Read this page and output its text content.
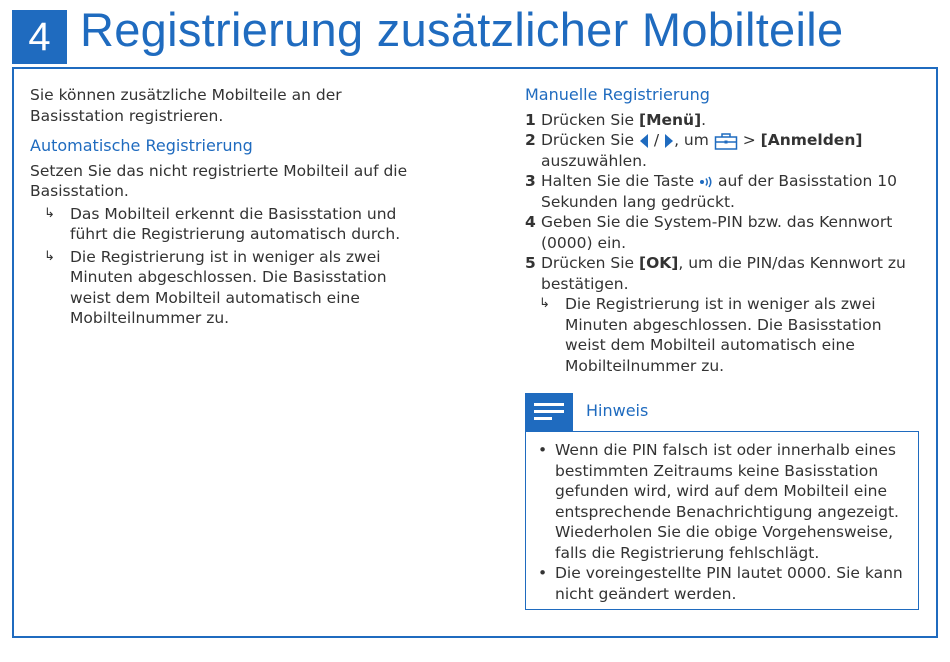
4 Registrierung zusätzlicher Mobilteile

Sie können zusätzliche Mobilteile an der Basisstation registrieren.

Automatische Registrierung

Setzen Sie das nicht registrierte Mobilteil auf die Basisstation.

↳ Das Mobilteil erkennt die Basisstation und führt die Registrierung automatisch durch.
↳ Die Registrierung ist in weniger als zwei Minuten abgeschlossen. Die Basisstation weist dem Mobilteil automatisch eine Mobilteilnummer zu.
Manuelle Registrierung
1 Drücken Sie [Menü].
2 Drücken Sie  / , um  > [Anmelden] auszuwählen.
3 Halten Sie die Taste  auf der Basisstation 10 Sekunden lang gedrückt.
4 Geben Sie die System-PIN bzw. das Kennwort (0000) ein.
5 Drücken Sie [OK], um die PIN/das Kennwort zu bestätigen.
↳ Die Registrierung ist in weniger als zwei Minuten abgeschlossen. Die Basisstation weist dem Mobilteil automatisch eine Mobilteilnummer zu.
Hinweis
• Wenn die PIN falsch ist oder innerhalb eines bestimmten Zeitraums keine Basisstation gefunden wird, wird auf dem Mobilteil eine entsprechende Benachrichtigung angezeigt. Wiederholen Sie die obige Vorgehensweise, falls die Registrierung fehlschlägt.
• Die voreingestellte PIN lautet 0000. Sie kann nicht geändert werden.
